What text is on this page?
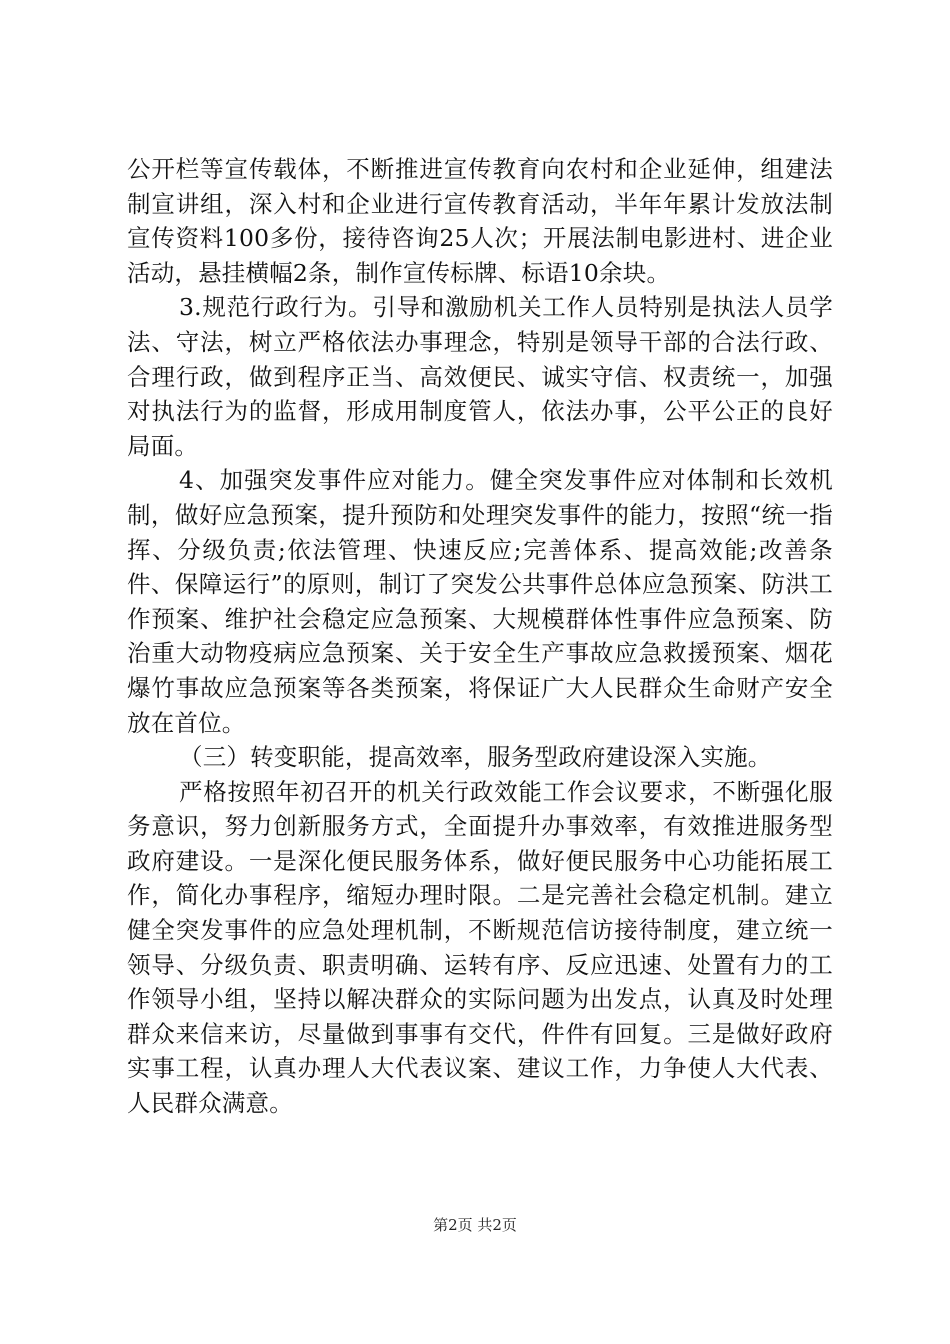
公开栏等宣传载体，不断推进宣传教育向农村和企业延伸，组建法制宣讲组，深入村和企业进行宣传教育活动，半年年累计发放法制宣传资料100多份，接待咨询25人次；开展法制电影进村、进企业活动，悬挂横幅2条，制作宣传标牌、标语10余块。

3.规范行政行为。引导和激励机关工作人员特别是执法人员学法、守法，树立严格依法办事理念，特别是领导干部的合法行政、合理行政，做到程序正当、高效便民、诚实守信、权责统一，加强对执法行为的监督，形成用制度管人，依法办事，公平公正的良好局面。

4、加强突发事件应对能力。健全突发事件应对体制和长效机制，做好应急预案，提升预防和处理突发事件的能力，按照“统一指挥、分级负责;依法管理、快速反应;完善体系、提高效能;改善条件、保障运行”的原则，制订了突发公共事件总体应急预案、防洪工作预案、维护社会稳定应急预案、大规模群体性事件应急预案、防治重大动物疫病应急预案、关于安全生产事故应急救援预案、烟花爆竹事故应急预案等各类预案，将保证广大人民群众生命财产安全放在首位。

（三）转变职能，提高效率，服务型政府建设深入实施。

严格按照年初召开的机关行政效能工作会议要求，不断强化服务意识，努力创新服务方式，全面提升办事效率，有效推进服务型政府建设。一是深化便民服务体系，做好便民服务中心功能拓展工作，简化办事程序，缩短办理时限。二是完善社会稳定机制。建立健全突发事件的应急处理机制，不断规范信访接待制度，建立统一领导、分级负责、职责明确、运转有序、反应迅速、处置有力的工作领导小组，坚持以解决群众的实际问题为出发点，认真及时处理群众来信来访，尽量做到事事有交代，件件有回复。三是做好政府实事工程，认真办理人大代表议案、建议工作，力争使人大代表、人民群众满意。

第2页 共2页
